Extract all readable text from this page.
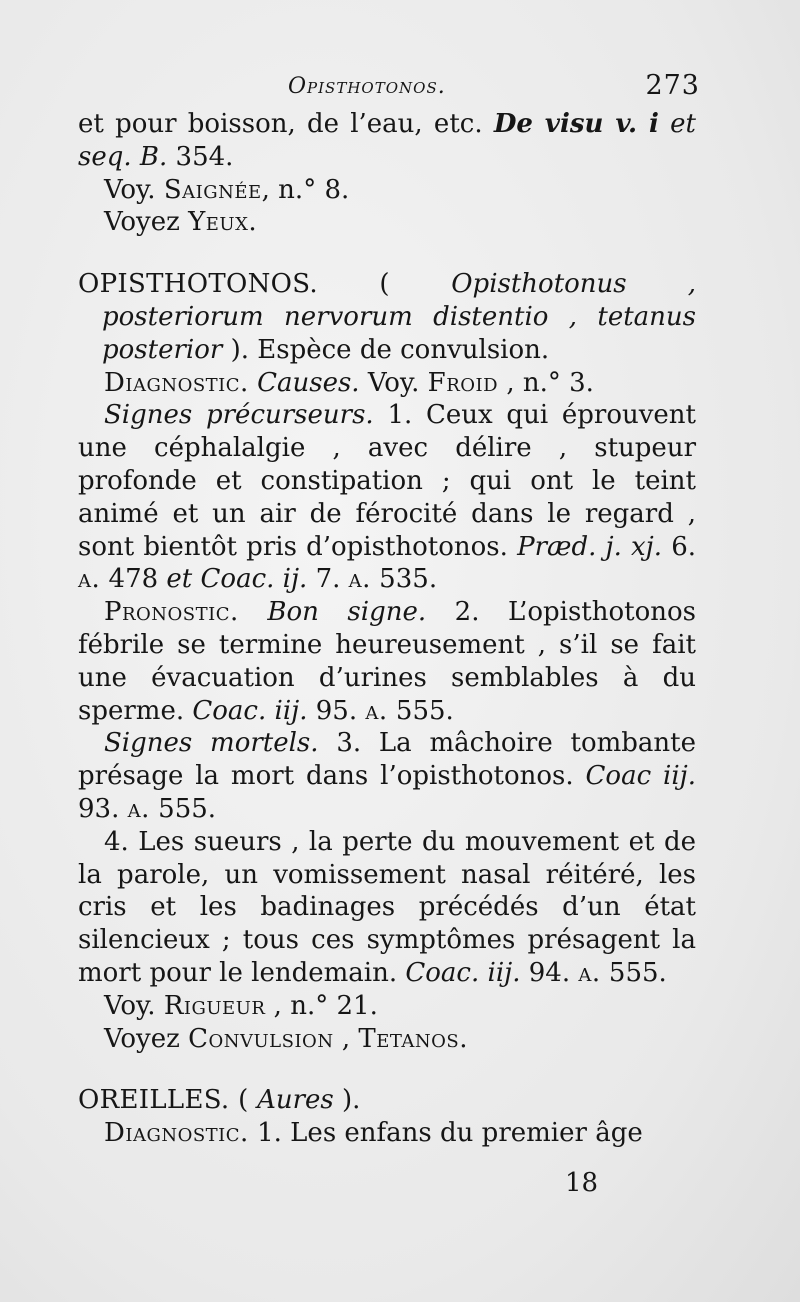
Opisthotonos.	273

et pour boisson, de l’eau, etc. De visu v. i et seq. B. 354.

Voy. Saignée, n.° 8.

Voyez Yeux.

OPISTHOTONOS. ( Opisthotonus , posteriorum nervorum distentio , tetanus posterior ). Espèce de convulsion.

Diagnostic. Causes. Voy. Froid , n.° 3.

Signes précurseurs. 1. Ceux qui éprouvent une céphalalgie , avec délire , stupeur profonde et constipation ; qui ont le teint animé et un air de férocité dans le regard , sont bientôt pris d’opisthotonos. Præd. j. xj. 6. a. 478 et Coac. ij. 7. a. 535.

Pronostic. Bon signe. 2. L’opisthotonos fébrile se termine heureusement , s’il se fait une évacuation d’urines semblables à du sperme. Coac. iij. 95. a. 555.

Signes mortels. 3. La mâchoire tombante présage la mort dans l’opisthotonos. Coac iij. 93. a. 555.

4. Les sueurs , la perte du mouvement et de la parole, un vomissement nasal réitéré, les cris et les badinages précédés d’un état silencieux ; tous ces symptômes présagent la mort pour le lendemain. Coac. iij. 94. a. 555.

Voy. Rigueur , n.° 21.

Voyez Convulsion , Tetanos.

OREILLES. ( Aures ).

Diagnostic. 1. Les enfans du premier âge

18
